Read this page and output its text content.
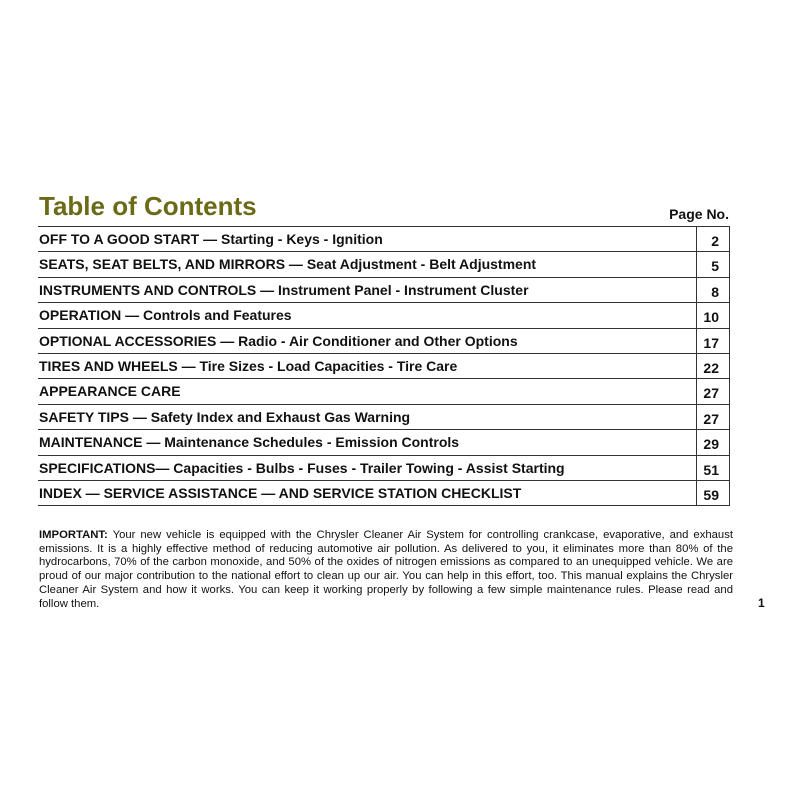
Table of Contents	Page No.
OFF TO A GOOD START — Starting - Keys - Ignition	2
SEATS, SEAT BELTS, AND MIRRORS — Seat Adjustment - Belt Adjustment	5
INSTRUMENTS AND CONTROLS — Instrument Panel - Instrument Cluster	8
OPERATION — Controls and Features	10
OPTIONAL ACCESSORIES — Radio - Air Conditioner and Other Options	17
TIRES AND WHEELS — Tire Sizes - Load Capacities - Tire Care	22
APPEARANCE CARE	27
SAFETY TIPS — Safety Index and Exhaust Gas Warning	27
MAINTENANCE — Maintenance Schedules - Emission Controls	29
SPECIFICATIONS— Capacities - Bulbs - Fuses - Trailer Towing - Assist Starting	51
INDEX — SERVICE ASSISTANCE — AND SERVICE STATION CHECKLIST	59

IMPORTANT: Your new vehicle is equipped with the Chrysler Cleaner Air System for controlling crankcase, evaporative, and exhaust emissions. It is a highly effective method of reducing automotive air pollution. As delivered to you, it eliminates more than 80% of the hydrocarbons, 70% of the carbon monoxide, and 50% of the oxides of nitrogen emissions as compared to an unequipped vehicle. We are proud of our major contribution to the national effort to clean up our air. You can help in this effort, too. This manual explains the Chrysler Cleaner Air System and how it works. You can keep it working properly by following a few simple maintenance rules. Please read and follow them.	1
